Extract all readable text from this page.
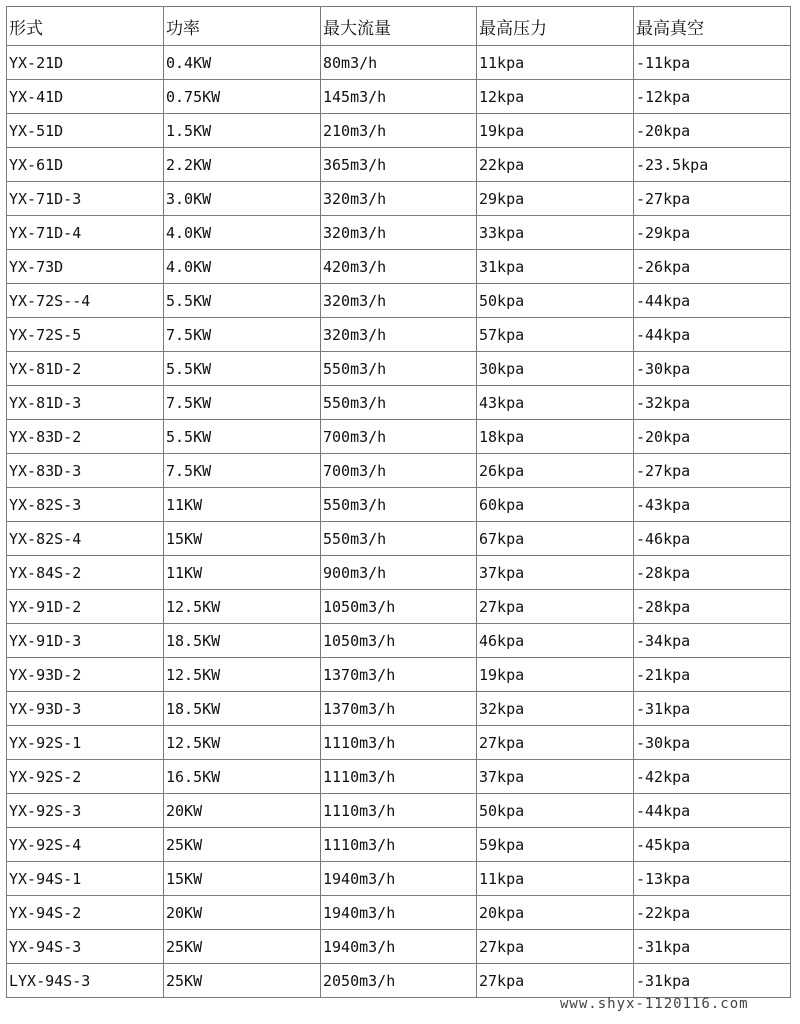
形式	功率	最大流量	最高压力	最高真空
YX-21D	0.4KW	80m3/h	11kpa	-11kpa
YX-41D	0.75KW	145m3/h	12kpa	-12kpa
YX-51D	1.5KW	210m3/h	19kpa	-20kpa
YX-61D	2.2KW	365m3/h	22kpa	-23.5kpa
YX-71D-3	3.0KW	320m3/h	29kpa	-27kpa
YX-71D-4	4.0KW	320m3/h	33kpa	-29kpa
YX-73D	4.0KW	420m3/h	31kpa	-26kpa
YX-72S--4	5.5KW	320m3/h	50kpa	-44kpa
YX-72S-5	7.5KW	320m3/h	57kpa	-44kpa
YX-81D-2	5.5KW	550m3/h	30kpa	-30kpa
YX-81D-3	7.5KW	550m3/h	43kpa	-32kpa
YX-83D-2	5.5KW	700m3/h	18kpa	-20kpa
YX-83D-3	7.5KW	700m3/h	26kpa	-27kpa
YX-82S-3	11KW	550m3/h	60kpa	-43kpa
YX-82S-4	15KW	550m3/h	67kpa	-46kpa
YX-84S-2	11KW	900m3/h	37kpa	-28kpa
YX-91D-2	12.5KW	1050m3/h	27kpa	-28kpa
YX-91D-3	18.5KW	1050m3/h	46kpa	-34kpa
YX-93D-2	12.5KW	1370m3/h	19kpa	-21kpa
YX-93D-3	18.5KW	1370m3/h	32kpa	-31kpa
YX-92S-1	12.5KW	1110m3/h	27kpa	-30kpa
YX-92S-2	16.5KW	1110m3/h	37kpa	-42kpa
YX-92S-3	20KW	1110m3/h	50kpa	-44kpa
YX-92S-4	25KW	1110m3/h	59kpa	-45kpa
YX-94S-1	15KW	1940m3/h	11kpa	-13kpa
YX-94S-2	20KW	1940m3/h	20kpa	-22kpa
YX-94S-3	25KW	1940m3/h	27kpa	-31kpa
LYX-94S-3	25KW	2050m3/h	27kpa	-31kpa
www.shyx-1120116.com
